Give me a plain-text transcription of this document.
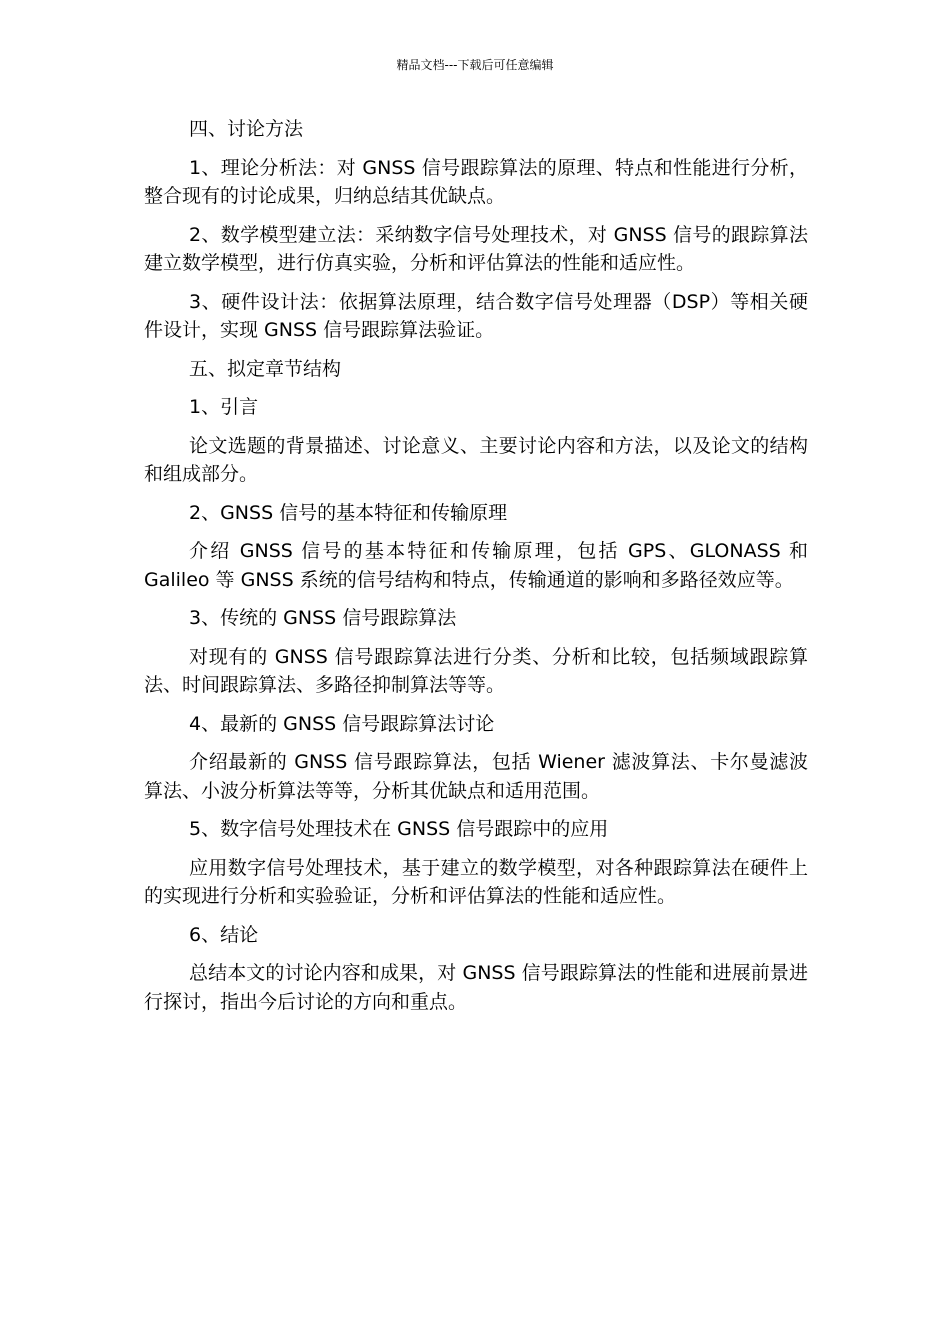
精品文档---下载后可任意编辑

四、讨论方法

1、理论分析法：对 GNSS 信号跟踪算法的原理、特点和性能进行分析，整合现有的讨论成果，归纳总结其优缺点。

2、数学模型建立法：采纳数字信号处理技术，对 GNSS 信号的跟踪算法建立数学模型，进行仿真实验，分析和评估算法的性能和适应性。

3、硬件设计法：依据算法原理，结合数字信号处理器（DSP）等相关硬件设计，实现 GNSS 信号跟踪算法验证。

五、拟定章节结构

1、引言

论文选题的背景描述、讨论意义、主要讨论内容和方法，以及论文的结构和组成部分。

2、GNSS 信号的基本特征和传输原理

介绍 GNSS 信号的基本特征和传输原理，包括 GPS、GLONASS 和 Galileo 等 GNSS 系统的信号结构和特点，传输通道的影响和多路径效应等。

3、传统的 GNSS 信号跟踪算法

对现有的 GNSS 信号跟踪算法进行分类、分析和比较，包括频域跟踪算法、时间跟踪算法、多路径抑制算法等等。

4、最新的 GNSS 信号跟踪算法讨论

介绍最新的 GNSS 信号跟踪算法，包括 Wiener 滤波算法、卡尔曼滤波算法、小波分析算法等等，分析其优缺点和适用范围。

5、数字信号处理技术在 GNSS 信号跟踪中的应用

应用数字信号处理技术，基于建立的数学模型，对各种跟踪算法在硬件上的实现进行分析和实验验证，分析和评估算法的性能和适应性。

6、结论

总结本文的讨论内容和成果，对 GNSS 信号跟踪算法的性能和进展前景进行探讨，指出今后讨论的方向和重点。
